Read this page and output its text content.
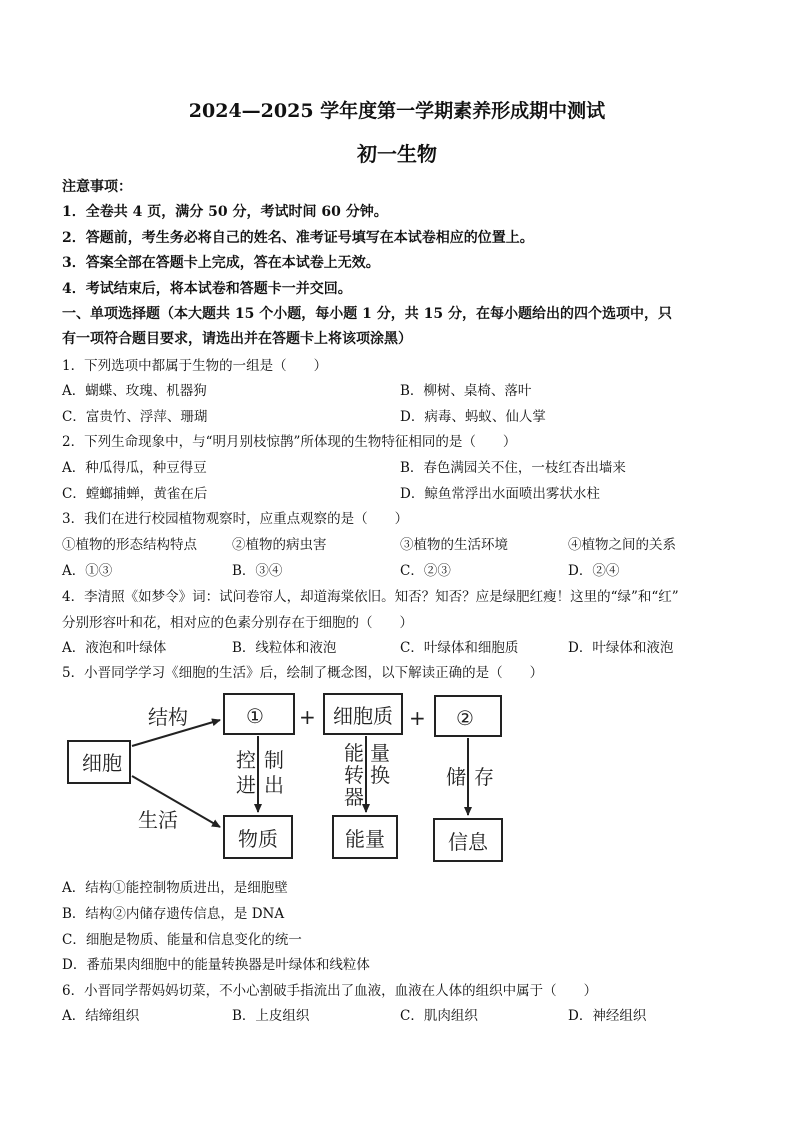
2024—2025 学年度第一学期素养形成期中测试
初一生物
注意事项：
1．全卷共 4 页，满分 50 分，考试时间 60 分钟。
2．答题前，考生务必将自己的姓名、准考证号填写在本试卷相应的位置上。
3．答案全部在答题卡上完成，答在本试卷上无效。
4．考试结束后，将本试卷和答题卡一并交回。
一、单项选择题（本大题共 15 个小题，每小题 1 分，共 15 分，在每小题给出的四个选项中，只
有一项符合题目要求，请选出并在答题卡上将该项涂黑）
1．下列选项中都属于生物的一组是（　　）
A．蝴蝶、玫瑰、机器狗	B．柳树、桌椅、落叶
C．富贵竹、浮萍、珊瑚	D．病毒、蚂蚁、仙人掌
2．下列生命现象中，与“明月别枝惊鹊”所体现的生物特征相同的是（　　）
A．种瓜得瓜，种豆得豆	B．春色满园关不住，一枝红杏出墙来
C．螳螂捕蝉，黄雀在后	D．鲸鱼常浮出水面喷出雾状水柱
3．我们在进行校园植物观察时，应重点观察的是（　　）
①植物的形态结构特点	②植物的病虫害	③植物的生活环境	④植物之间的关系
A．①③	B．③④	C．②③	D．②④
4．李清照《如梦令》词：试问卷帘人，却道海棠依旧。知否？知否？应是绿肥红瘦！这里的“绿”和“红”
分别形容叶和花，相对应的色素分别存在于细胞的（　　）
A．液泡和叶绿体	B．线粒体和液泡	C．叶绿体和细胞质	D．叶绿体和液泡
5．小晋同学学习《细胞的生活》后，绘制了概念图，以下解读正确的是（　　）
细胞
结构
生活
① + 细胞质 + ②
控 制
进 出
能 量
转 换
器
储 存
物质	能量	信息
A．结构①能控制物质进出，是细胞壁
B．结构②内储存遗传信息，是 DNA
C．细胞是物质、能量和信息变化的统一
D．番茄果肉细胞中的能量转换器是叶绿体和线粒体
6．小晋同学帮妈妈切菜，不小心割破手指流出了血液，血液在人体的组织中属于（　　）
A．结缔组织	B．上皮组织	C．肌肉组织	D．神经组织
